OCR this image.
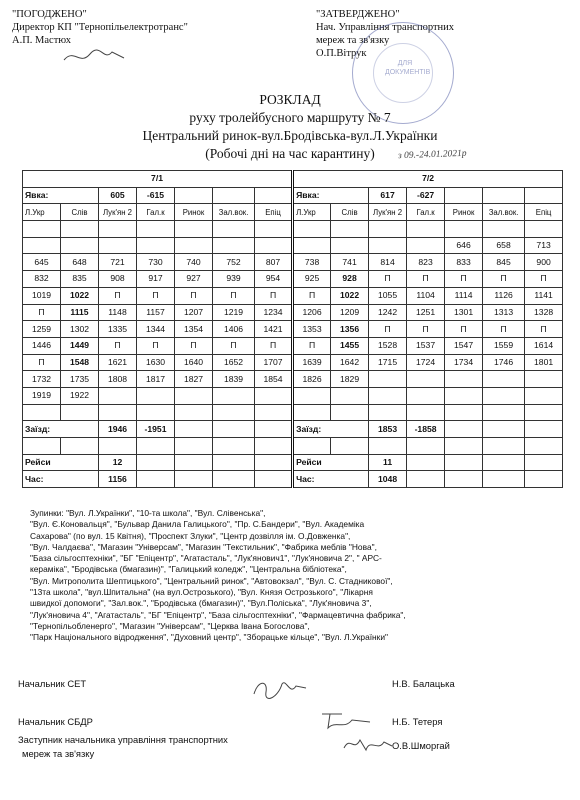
"ПОГОДЖЕНО"
Директор КП "Тернопільелектротранс"
А.П. Мастюх
"ЗАТВЕРДЖЕНО"
Нач. Управління транспортних
мереж та зв'язку
О.П.Вітрук
ДЛЯ ДОКУМЕНТІВ
з 09.-24.01.2021р
РОЗКЛАД
руху тролейбусного маршруту № 7
Центральний ринок-вул.Бродівська-вул.Л.Українки
(Робочі дні на час карантину)
7/1							7/2						
Явка:		605	-615				Явка:		617	-627			
Л.Укр	Слів	Лук'ян 2	Гал.к	Ринок	Зал.вок.	Епіц	Л.Укр	Слів	Лук'ян 2	Гал.к	Ринок	Зал.вок.	Епіц

											646	658	713
645	648	721	730	740	752	807	738	741	814	823	833	845	900
832	835	908	917	927	939	954	925	928	П	П	П	П	П
1019	1022	П	П	П	П	П	П	1022	1055	1104	1114	1126	1141
П	1115	1148	1157	1207	1219	1234	1206	1209	1242	1251	1301	1313	1328
1259	1302	1335	1344	1354	1406	1421	1353	1356	П	П	П	П	П
1446	1449	П	П	П	П	П	П	1455	1528	1537	1547	1559	1614
П	1548	1621	1630	1640	1652	1707	1639	1642	1715	1724	1734	1746	1801
1732	1735	1808	1817	1827	1839	1854	1826	1829					
1919	1922												

Заїзд:		1946	-1951				Заїзд:		1853	-1858			

Рейси		12					Рейси		11				
Час:		1156					Час:		1048				
Зупинки: "Вул. Л.Українки", "10-та школа", "Вул. Слівенська",
"Вул. Є.Коновальця", "Бульвар Данила Галицького", "Пр. С.Бандери", "Вул. Академіка
Сахарова" (по вул. 15 Квітня), "Проспект Злуки", "Центр дозвілля ім. О.Довженка",
"Вул. Чалдаєва", "Магазин "Універсам", "Магазин "Текстильник", "Фабрика меблів "Нова",
"База сільгосптехніки", "БГ "Епіцентр", "Агатасталь", "Лук'янович1", "Лук'яновича 2", " АРС-
кераміка", "Бродівська (бмагазин)", "Галицький коледж", "Центральна бібліотека",
"Вул. Митрополита Шептицького", "Центральний ринок", "Автовокзал", "Вул. С. Стадникової",
"13та школа", "вул.Шпитальна" (на вул.Острозького), "Вул. Князя Острозького", "Лікарня
швидкої допомоги", "Зал.вок.", "Бродівська (бмагазин)", "Вул.Поліська", "Лук'яновича 3",
"Лук'яновича 4", "Агатасталь", "БГ "Епіцентр", "База сільгосптехніки", "Фармацевтична фабрика",
"Тернопільобленерго", "Магазин "Універсам", "Церква Івана Богослова",
"Парк Національного відродження", "Духовний центр", "Зборацьке кільце", "Вул. Л.Українки"
Начальник СЕТ	Н.В. Балацька
Начальник СБДР	Н.Б. Тетеря
Заступник начальника управління транспортних
мереж та зв'язку
О.В.Шморгай
